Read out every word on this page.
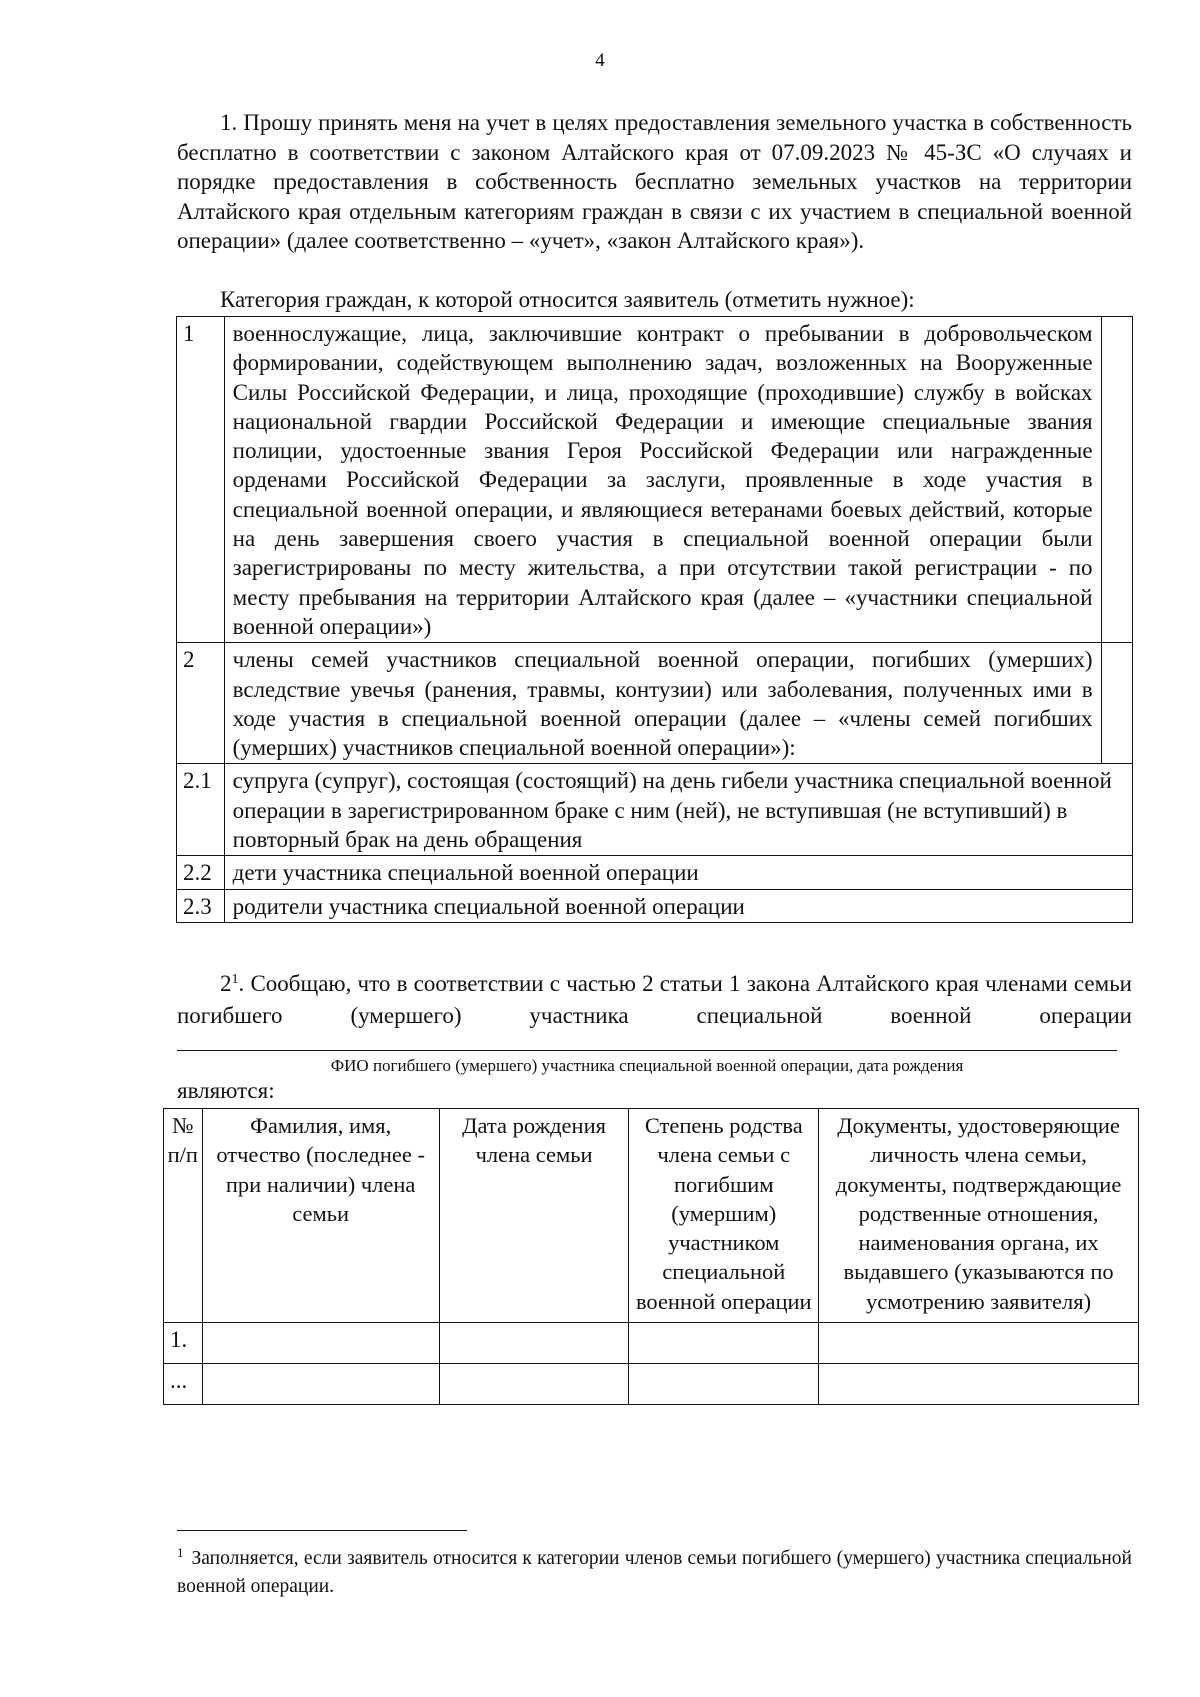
4

1. Прошу принять меня на учет в целях предоставления земельного участка в собственность бесплатно в соответствии с законом Алтайского края от 07.09.2023 № 45-ЗС «О случаях и порядке предоставления в собственность бесплатно земельных участков на территории Алтайского края отдельным категориям граждан в связи с их участием в специальной военной операции» (далее соответственно – «учет», «закон Алтайского края»).

Категория граждан, к которой относится заявитель (отметить нужное):

1	военнослужащие, лица, заключившие контракт о пребывании в добровольческом формировании, содействующем выполнению задач, возложенных на Вооруженные Силы Российской Федерации, и лица, проходящие (проходившие) службу в войсках национальной гвардии Российской Федерации и имеющие специальные звания полиции, удостоенные звания Героя Российской Федерации или награжденные орденами Российской Федерации за заслуги, проявленные в ходе участия в специальной военной операции, и являющиеся ветеранами боевых действий, которые на день завершения своего участия в специальной военной операции были зарегистрированы по месту жительства, а при отсутствии такой регистрации - по месту пребывания на территории Алтайского края (далее – «участники специальной военной операции»)	
2	члены семей участников специальной военной операции, погибших (умерших) вследствие увечья (ранения, травмы, контузии) или заболевания, полученных ими в ходе участия в специальной военной операции (далее – «члены семей погибших (умерших) участников специальной военной операции»):	
2.1	супруга (супруг), состоящая (состоящий) на день гибели участника специальной военной операции в зарегистрированном браке с ним (ней), не вступившая (не вступивший) в повторный брак на день обращения	
2.2	дети участника специальной военной операции	
2.3	родители участника специальной военной операции	

$2^1$. Сообщаю, что в соответствии с частью 2 статьи 1 закона Алтайского края членами семьи погибшего (умершего) участника специальной военной операции

ФИО погибшего (умершего) участника специальной военной операции, дата рождения
являются:
№ п/п	Фамилия, имя, отчество (последнее - при наличии) члена семьи	Дата рождения члена семьи	Степень родства члена семьи с погибшим (умершим) участником специальной военной операции	Документы, удостоверяющие личность члена семьи, документы, подтверждающие родственные отношения, наименования органа, их выдавшего (указываются по усмотрению заявителя)
1.				
...				

$^1$ Заполняется, если заявитель относится к категории членов семьи погибшего (умершего) участника специальной военной операции.
